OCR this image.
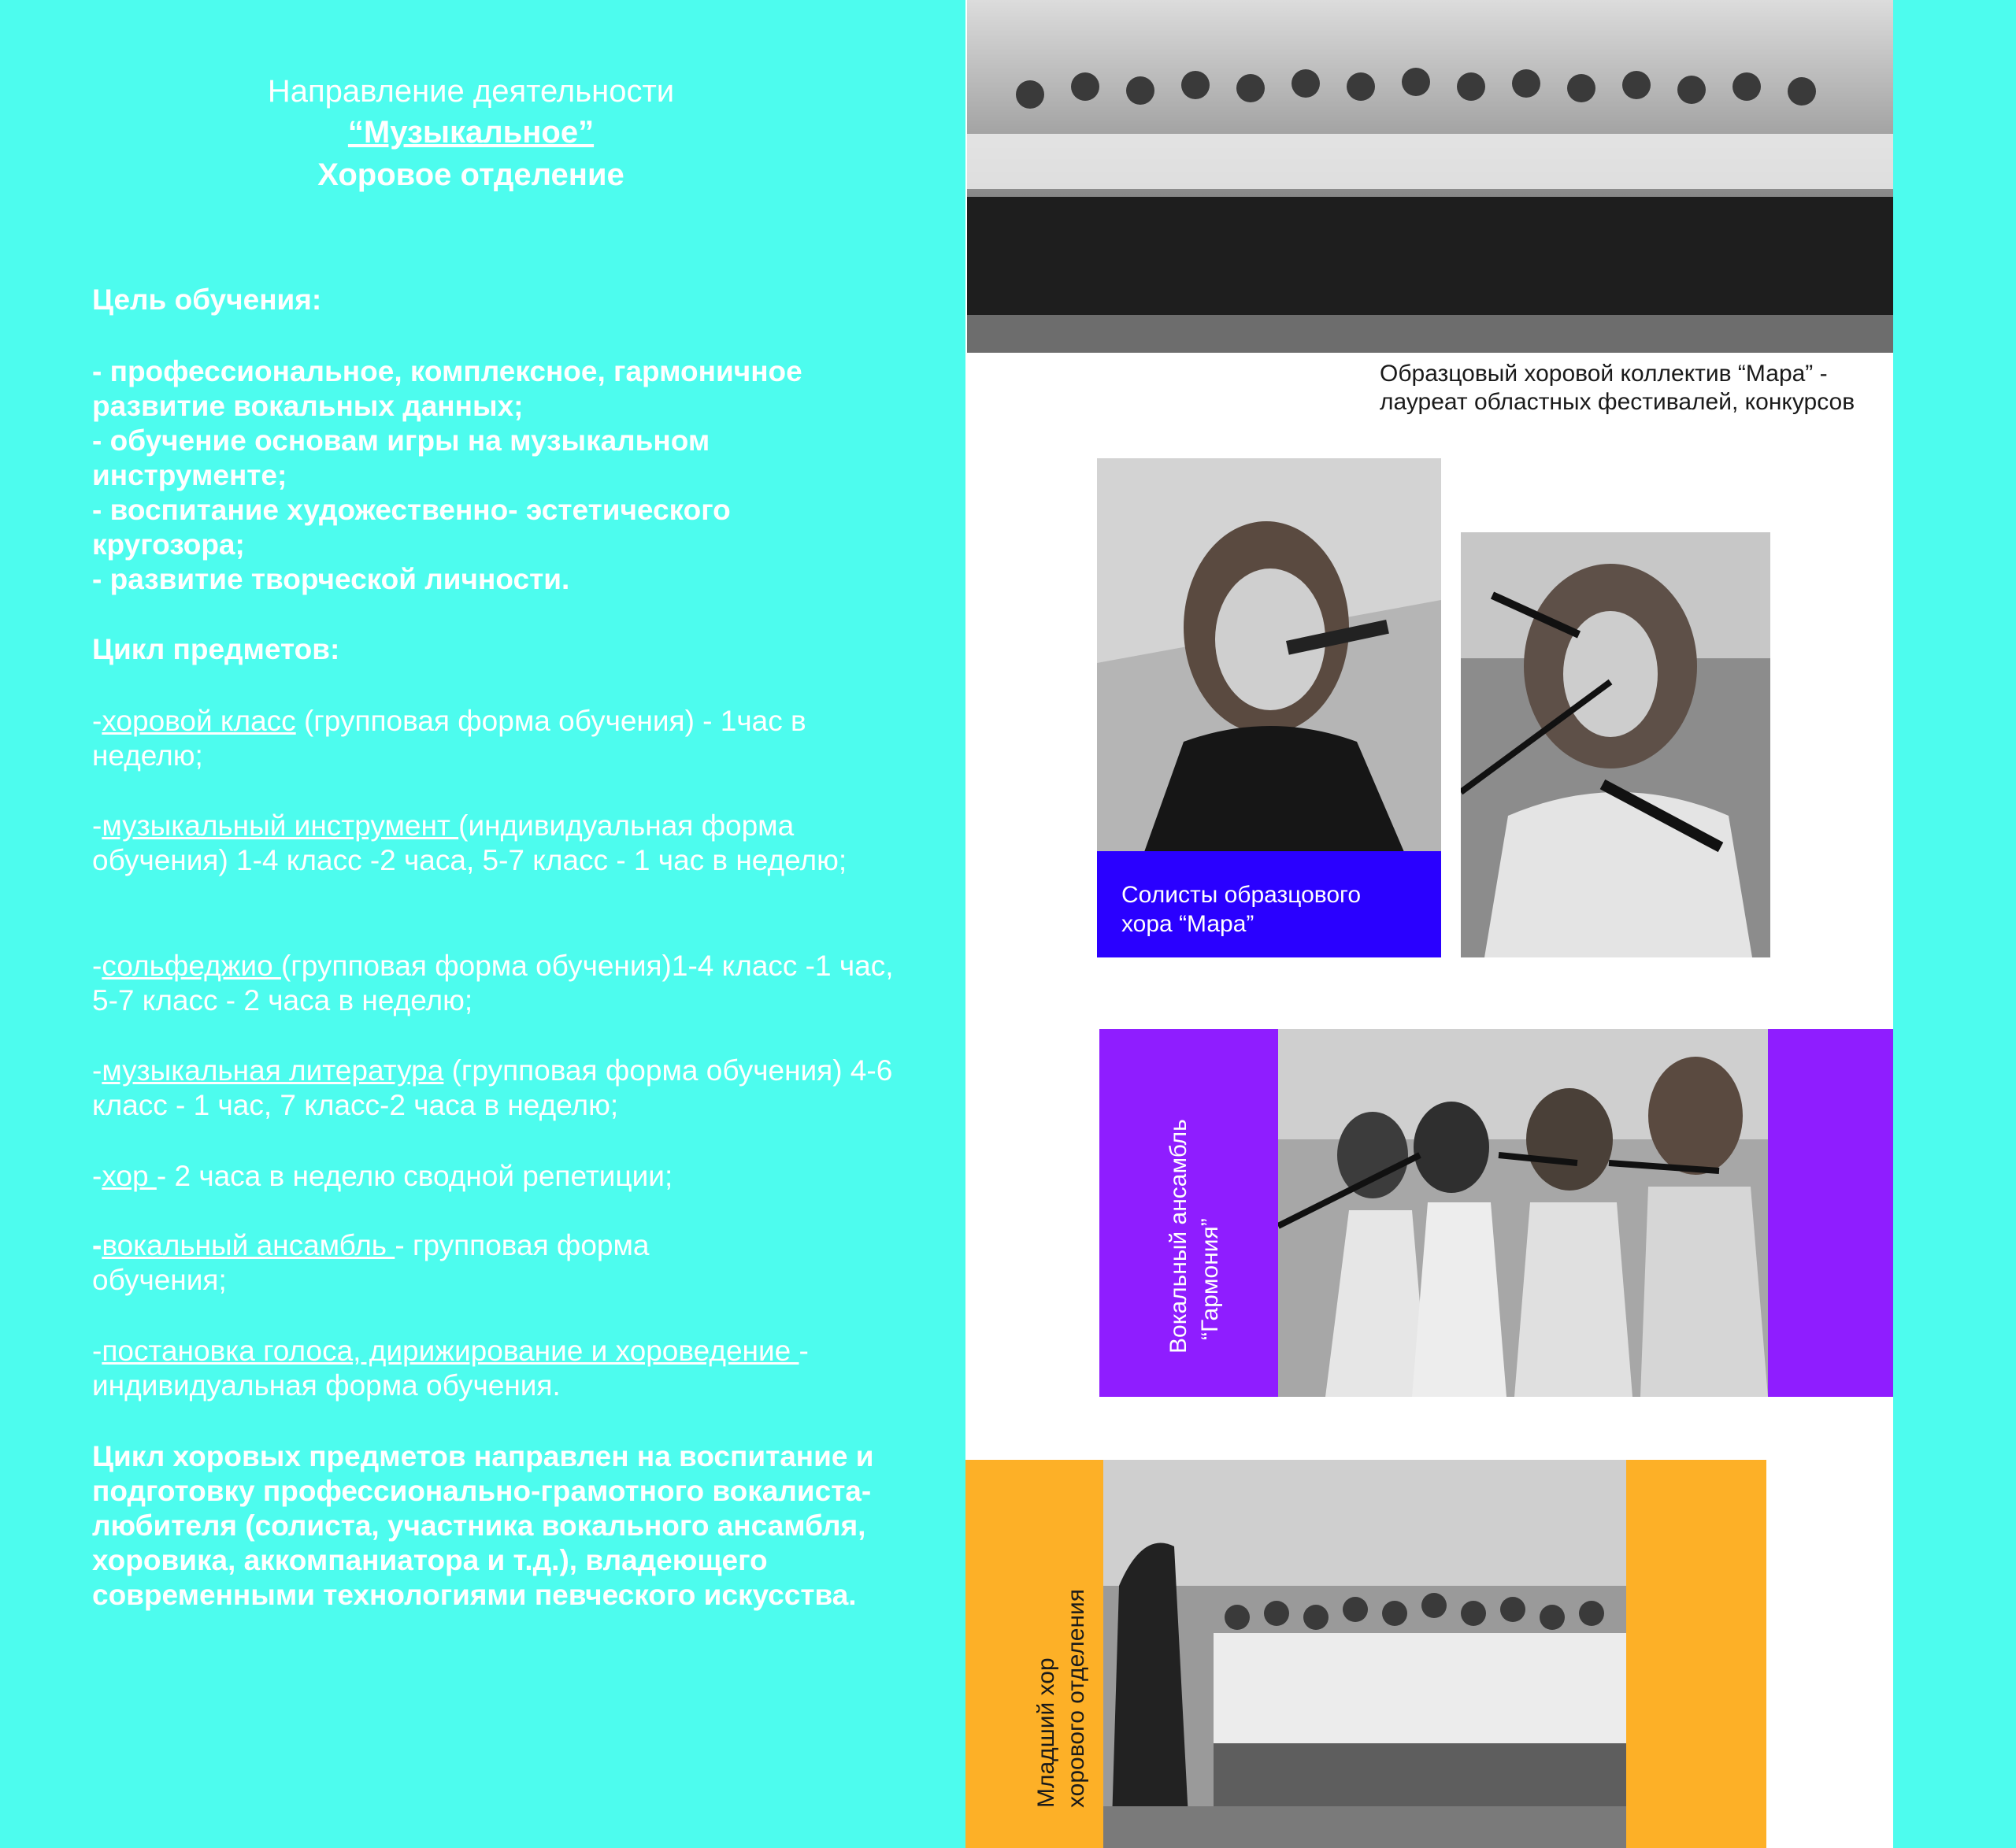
Направление деятельности
“Музыкальное”
Хоровое отделение
Цель обучения:
- профессиональное, комплексное, гармоничное развитие вокальных данных;
- обучение основам игры на музыкальном инструменте;
- воспитание художественно- эстетического кругозора;
- развитие творческой личности.
Цикл предметов:
-хоровой класс (групповая форма обучения) - 1час в неделю;
-музыкальный инструмент (индивидуальная форма обучения) 1-4 класс -2 часа, 5-7 класс - 1 час в неделю;
-сольфеджио (групповая форма обучения)1-4 класс -1 час, 5-7 класс - 2 часа в неделю;
-музыкальная литература (групповая форма обучения) 4-6 класс - 1 час, 7 класс-2 часа в неделю;
-хор - 2 часа в неделю сводной репетиции;
-вокальный ансамбль - групповая форма обучения;
-постановка голоса, дирижирование и хороведение - индивидуальная форма обучения.
Цикл хоровых предметов направлен на воспитание и подготовку профессионально-грамотного вокалиста-любителя (солиста, участника вокального ансамбля, хоровика, аккомпаниатора и т.д.), владеющего современными технологиями певческого искусства.
Образцовый хоровой коллектив “Мара” -
лауреат областных фестивалей, конкурсов
Солисты образцового
хора “Мара”
Вокальный ансамбль “Гармония”
Младший хор хорового отделения
